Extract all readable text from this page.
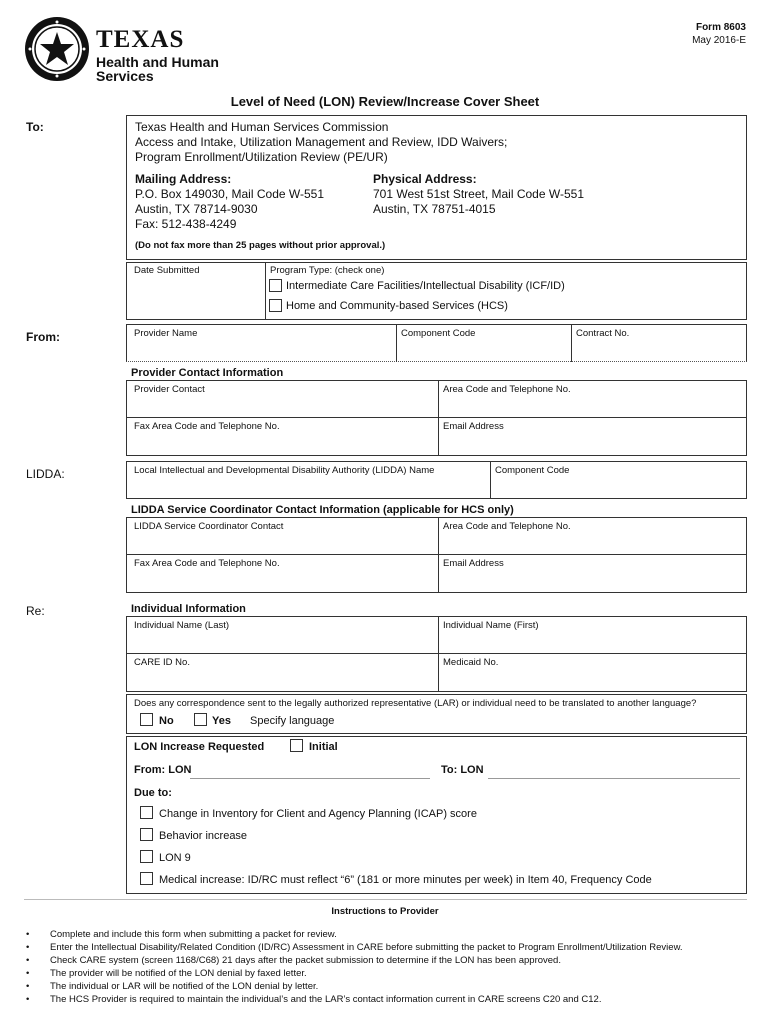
TEXAS
Health and Human
Services
Form 8603
May 2016-E
Level of Need (LON) Review/Increase Cover Sheet
To:	Texas Health and Human Services Commission
Access and Intake, Utilization Management and Review, IDD Waivers;
Program Enrollment/Utilization Review (PE/UR)
Mailing Address:
P.O. Box 149030, Mail Code W-551
Austin, TX 78714-9030
Fax: 512-438-4249
Physical Address:
701 West 51st Street, Mail Code W-551
Austin, TX 78751-4015
(Do not fax more than 25 pages without prior approval.)
Date Submitted	Program Type: (check one)
Intermediate Care Facilities/Intellectual Disability (ICF/ID)
Home and Community-based Services (HCS)
From:	Provider Name	Component Code	Contract No.
Provider Contact Information
Provider Contact	Area Code and Telephone No.
Fax Area Code and Telephone No.	Email Address
LIDDA:	Local Intellectual and Developmental Disability Authority (LIDDA) Name	Component Code
LIDDA Service Coordinator Contact Information (applicable for HCS only)
LIDDA Service Coordinator Contact	Area Code and Telephone No.
Fax Area Code and Telephone No.	Email Address
Re:	Individual Information
Individual Name (Last)	Individual Name (First)
CARE ID No.	Medicaid No.
Does any correspondence sent to the legally authorized representative (LAR) or individual need to be translated to another language?
No	Yes Specify language
LON Increase Requested	Initial
From: LON	To: LON
Due to:
Change in Inventory for Client and Agency Planning (ICAP) score
Behavior increase
LON 9
Medical increase: ID/RC must reflect “6” (181 or more minutes per week) in Item 40, Frequency Code
Instructions to Provider
• Complete and include this form when submitting a packet for review.
• Enter the Intellectual Disability/Related Condition (ID/RC) Assessment in CARE before submitting the packet to Program Enrollment/Utilization Review.
• Check CARE system (screen 1168/C68) 21 days after the packet submission to determine if the LON has been approved.
• The provider will be notified of the LON denial by faxed letter.
• The individual or LAR will be notified of the LON denial by letter.
• The HCS Provider is required to maintain the individual’s and the LAR’s contact information current in CARE screens C20 and C12.
